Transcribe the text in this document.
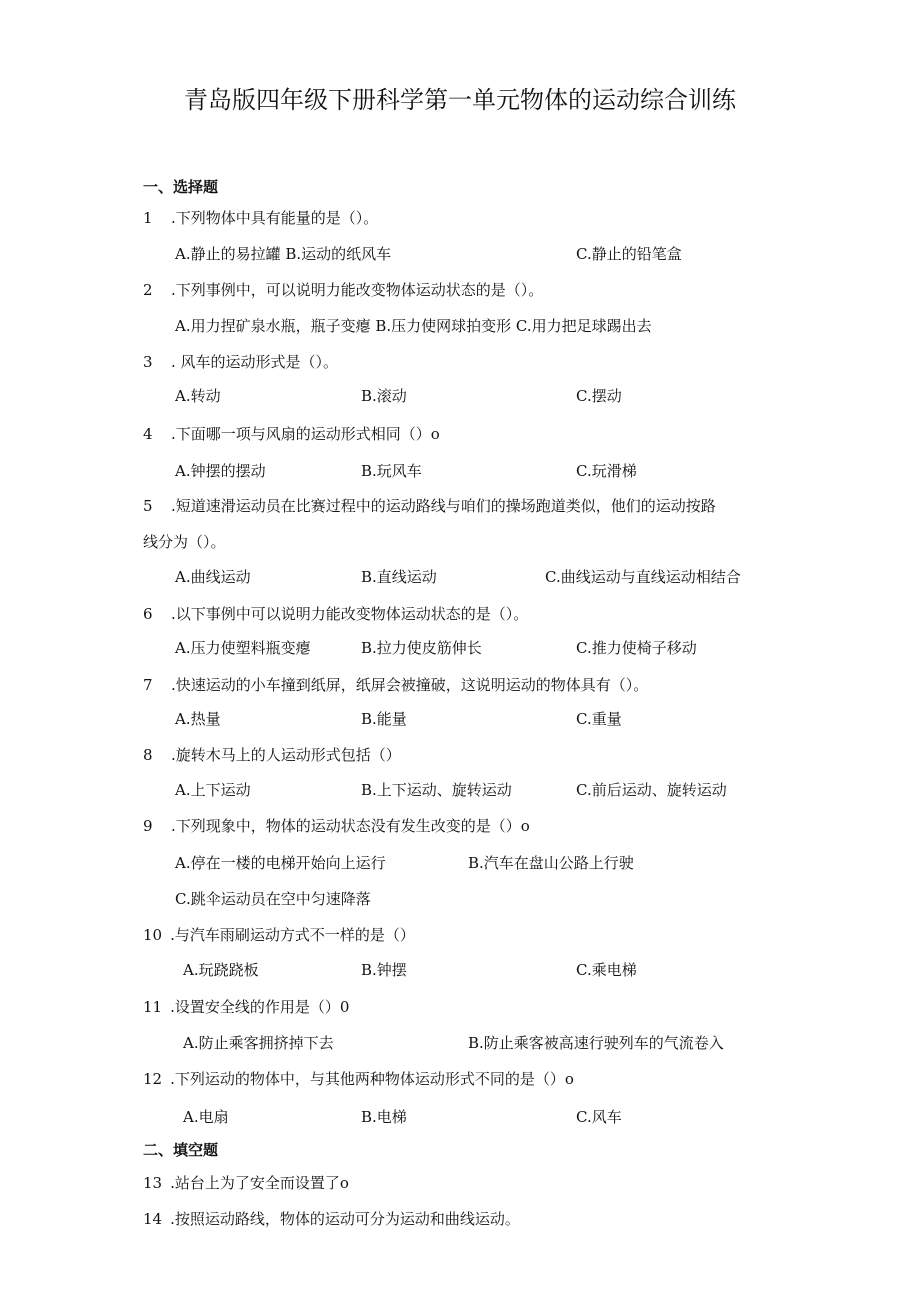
青岛版四年级下册科学第一单元物体的运动综合训练
一、选择题
1 .下列物体中具有能量的是（）。
A.静止的易拉罐 B.运动的纸风车	C.静止的铅笔盒
2 .下列事例中，可以说明力能改变物体运动状态的是（）。
A.用力捏矿泉水瓶，瓶子变瘪 B.压力使网球拍变形 C.用力把足球踢出去
3 . 风车的运动形式是（）。
A.转动	B.滚动	C.摆动
4 .下面哪一项与风扇的运动形式相同（）o
A.钟摆的摆动	B.玩风车	C.玩滑梯
5 .短道速滑运动员在比赛过程中的运动路线与咱们的操场跑道类似，他们的运动按路
线分为（）。
A.曲线运动	B.直线运动	C.曲线运动与直线运动相结合
6 .以下事例中可以说明力能改变物体运动状态的是（）。
A.压力使塑料瓶变瘪	B.拉力使皮筋伸长	C.推力使椅子移动
7 .快速运动的小车撞到纸屏，纸屏会被撞破，这说明运动的物体具有（）。
A.热量	B.能量	C.重量
8 .旋转木马上的人运动形式包括（）
A.上下运动	B.上下运动、旋转运动	C.前后运动、旋转运动
9 .下列现象中，物体的运动状态没有发生改变的是（）o
A.停在一楼的电梯开始向上运行	B.汽车在盘山公路上行驶
C.跳伞运动员在空中匀速降落
10 .与汽车雨刷运动方式不一样的是（）
A.玩跷跷板	B.钟摆	C.乘电梯
11 .设置安全线的作用是（）0
A.防止乘客拥挤掉下去	B.防止乘客被高速行驶列车的气流卷入
12 .下列运动的物体中，与其他两种物体运动形式不同的是（）o
A.电扇	B.电梯	C.风车
二、填空题
13 .站台上为了安全而设置了o
14 .按照运动路线，物体的运动可分为运动和曲线运动。
